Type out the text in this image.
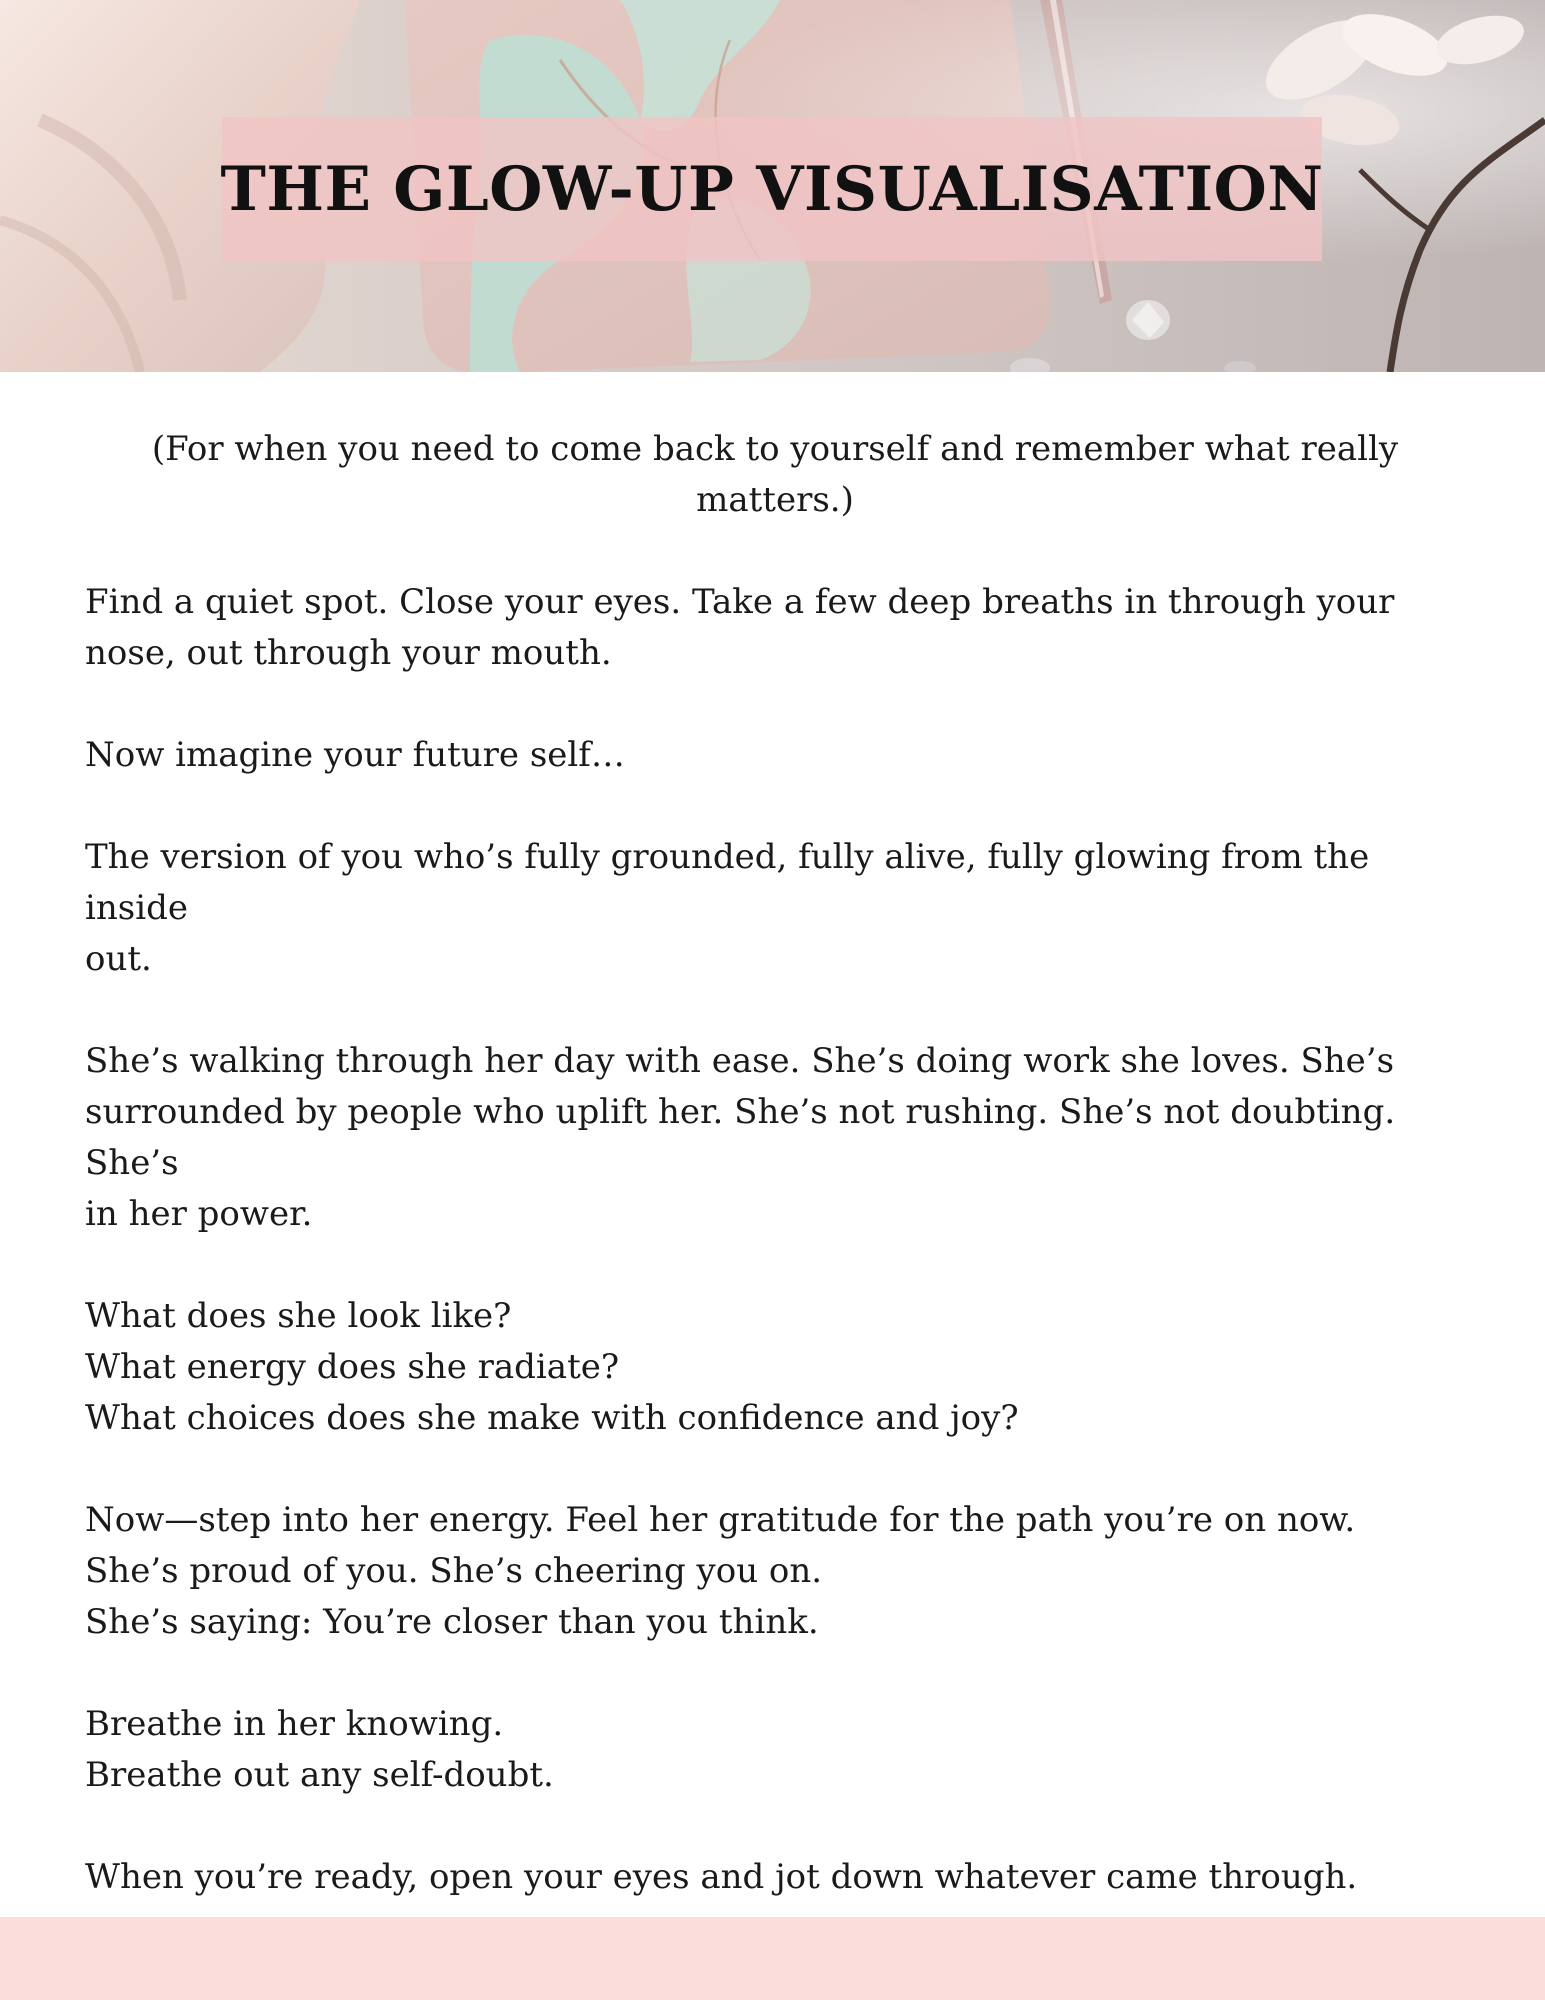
THE GLOW-UP VISUALISATION

(For when you need to come back to yourself and remember what really matters.)

Find a quiet spot. Close your eyes. Take a few deep breaths in through your
nose, out through your mouth.

Now imagine your future self…

The version of you who’s fully grounded, fully alive, fully glowing from the inside
out.

She’s walking through her day with ease. She’s doing work she loves. She’s
surrounded by people who uplift her. She’s not rushing. She’s not doubting. She’s
in her power.

What does she look like?
What energy does she radiate?
What choices does she make with confidence and joy?

Now—step into her energy. Feel her gratitude for the path you’re on now.
She’s proud of you. She’s cheering you on.
She’s saying: You’re closer than you think.

Breathe in her knowing.
Breathe out any self-doubt.

When you’re ready, open your eyes and jot down whatever came through.
